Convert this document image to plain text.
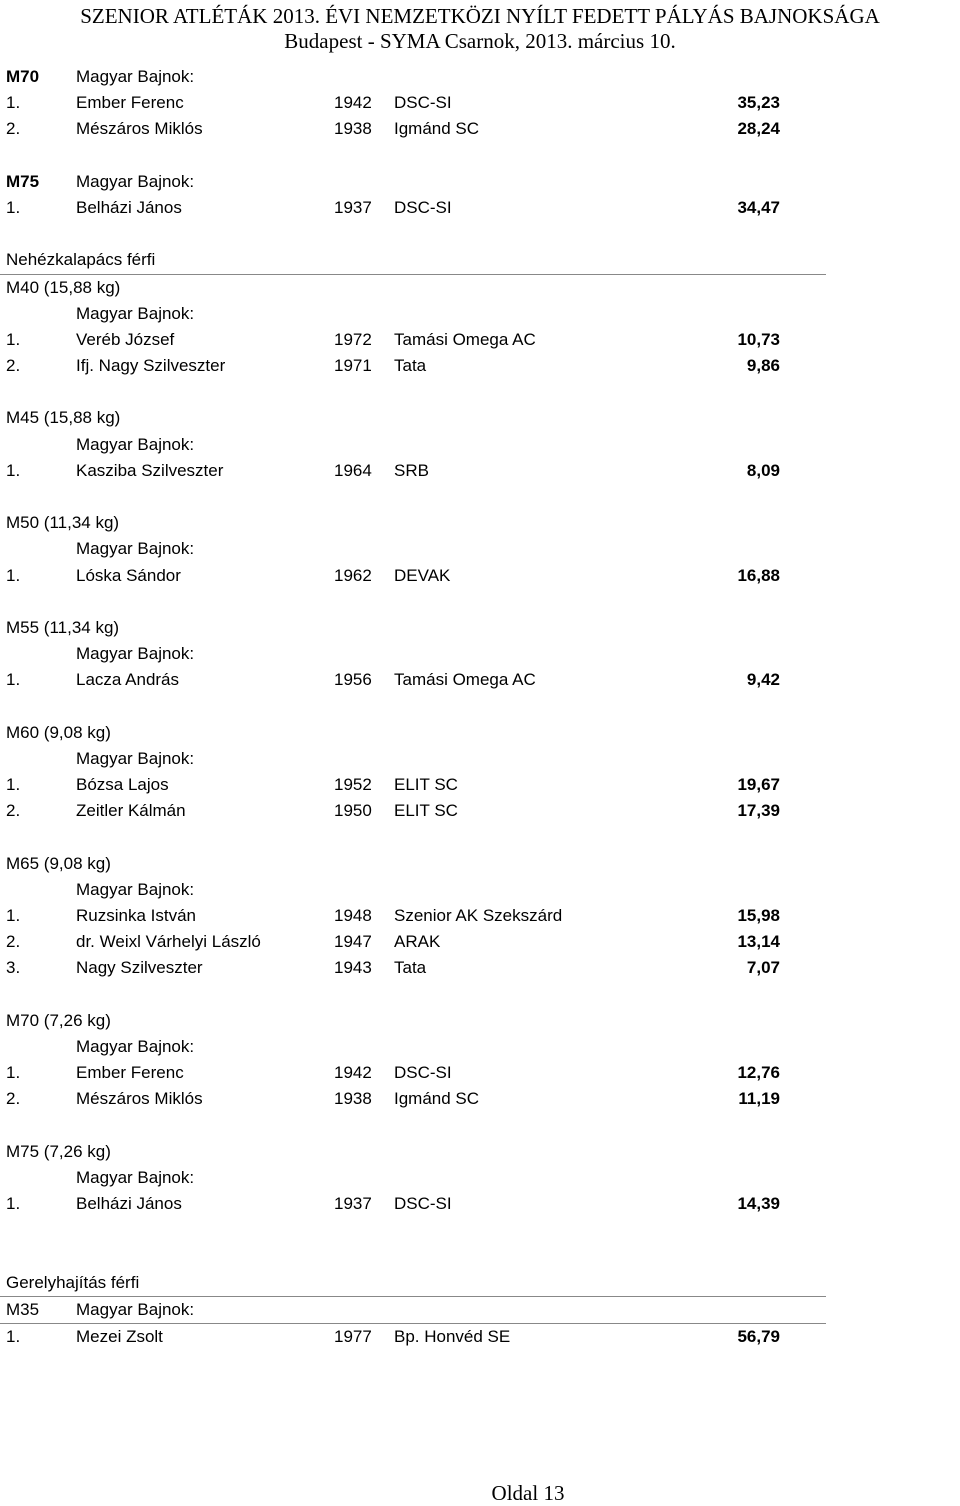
SZENIOR ATLÉTÁK 2013. ÉVI NEMZETKÖZI NYÍLT FEDETT PÁLYÁS BAJNOKSÁGA
Budapest - SYMA Csarnok, 2013. március 10.
M70 Magyar Bajnok:
1.	Ember Ferenc	1942 DSC-SI	35,23
2.	Mészáros Miklós	1938 Igmánd SC	28,24
M75 Magyar Bajnok:
1.	Belházi János	1937 DSC-SI	34,47
Nehézkalapács férfi
M40 (15,88 kg)
Magyar Bajnok:
1.	Veréb József	1972 Tamási Omega AC	10,73
2.	Ifj. Nagy Szilveszter	1971 Tata	9,86
M45 (15,88 kg)
Magyar Bajnok:
1.	Kasziba Szilveszter	1964 SRB	8,09
M50 (11,34 kg)
Magyar Bajnok:
1.	Lóska Sándor	1962 DEVAK	16,88
M55 (11,34 kg)
Magyar Bajnok:
1.	Lacza András	1956 Tamási Omega AC	9,42
M60 (9,08 kg)
Magyar Bajnok:
1.	Bózsa Lajos	1952 ELIT SC	19,67
2.	Zeitler Kálmán	1950 ELIT SC	17,39
M65 (9,08 kg)
Magyar Bajnok:
1.	Ruzsinka István	1948 Szenior AK Szekszárd	15,98
2.	dr. Weixl Várhelyi László	1947 ARAK	13,14
3.	Nagy Szilveszter	1943 Tata	7,07
M70 (7,26 kg)
Magyar Bajnok:
1.	Ember Ferenc	1942 DSC-SI	12,76
2.	Mészáros Miklós	1938 Igmánd SC	11,19
M75 (7,26 kg)
Magyar Bajnok:
1.	Belházi János	1937 DSC-SI	14,39
Gerelyhajítás férfi
M35 Magyar Bajnok:
1.	Mezei Zsolt	1977 Bp. Honvéd SE	56,79
Oldal 13
